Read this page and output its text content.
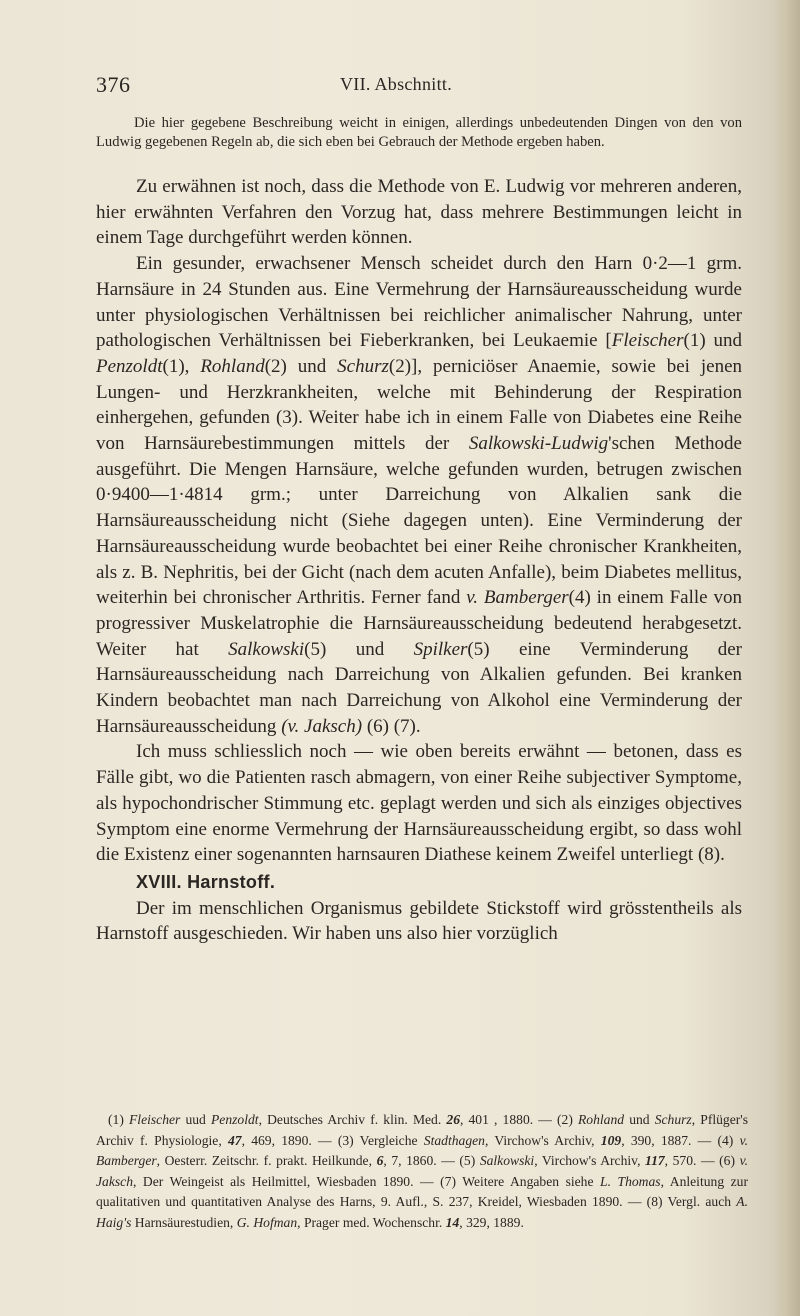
376	VII. Abschnitt.

Die hier gegebene Beschreibung weicht in einigen, allerdings unbedeutenden Dingen von den von Ludwig gegebenen Regeln ab, die sich eben bei Gebrauch der Methode ergeben haben.

Zu erwähnen ist noch, dass die Methode von E. Ludwig vor mehreren anderen, hier erwähnten Verfahren den Vorzug hat, dass mehrere Bestimmungen leicht in einem Tage durchgeführt werden können.

Ein gesunder, erwachsener Mensch scheidet durch den Harn 0·2—1 grm. Harnsäure in 24 Stunden aus. Eine Vermehrung der Harnsäureausscheidung wurde unter physiologischen Verhältnissen bei reichlicher animalischer Nahrung, unter pathologischen Verhältnissen bei Fieberkranken, bei Leukaemie [Fleischer(1) und Penzoldt(1), Rohland(2) und Schurz(2)], perniciöser Anaemie, sowie bei jenen Lungen- und Herzkrankheiten, welche mit Behinderung der Respiration einhergehen, gefunden (3). Weiter habe ich in einem Falle von Diabetes eine Reihe von Harnsäurebestimmungen mittels der Salkowski-Ludwig'schen Methode ausgeführt. Die Mengen Harnsäure, welche gefunden wurden, betrugen zwischen 0·9400—1·4814 grm.; unter Darreichung von Alkalien sank die Harnsäureausscheidung nicht (Siehe dagegen unten). Eine Verminderung der Harnsäureausscheidung wurde beobachtet bei einer Reihe chronischer Krankheiten, als z. B. Nephritis, bei der Gicht (nach dem acuten Anfalle), beim Diabetes mellitus, weiterhin bei chronischer Arthritis. Ferner fand v. Bamberger(4) in einem Falle von progressiver Muskelatrophie die Harnsäureausscheidung bedeutend herabgesetzt. Weiter hat Salkowski(5) und Spilker(5) eine Verminderung der Harnsäureausscheidung nach Darreichung von Alkalien gefunden. Bei kranken Kindern beobachtet man nach Darreichung von Alkohol eine Verminderung der Harnsäureausscheidung (v. Jaksch) (6) (7).

Ich muss schliesslich noch — wie oben bereits erwähnt — betonen, dass es Fälle gibt, wo die Patienten rasch abmagern, von einer Reihe subjectiver Symptome, als hypochondrischer Stimmung etc. geplagt werden und sich als einziges objectives Symptom eine enorme Vermehrung der Harnsäureausscheidung ergibt, so dass wohl die Existenz einer sogenannten harnsauren Diathese keinem Zweifel unterliegt (8).

XVIII. Harnstoff.

Der im menschlichen Organismus gebildete Stickstoff wird grösstentheils als Harnstoff ausgeschieden. Wir haben uns also hier vorzüglich

(1) Fleischer uud Penzoldt, Deutsches Archiv f. klin. Med. 26, 401 , 1880. — (2) Rohland und Schurz, Pflüger's Archiv f. Physiologie, 47, 469, 1890. — (3) Vergleiche Stadthagen, Virchow's Archiv, 109, 390, 1887. — (4) v. Bamberger, Oesterr. Zeitschr. f. prakt. Heilkunde, 6, 7, 1860. — (5) Salkowski, Virchow's Archiv, 117, 570. — (6) v. Jaksch, Der Weingeist als Heilmittel, Wiesbaden 1890. — (7) Weitere Angaben siehe L. Thomas, Anleitung zur qualitativen und quantitativen Analyse des Harns, 9. Aufl., S. 237, Kreidel, Wiesbaden 1890. — (8) Vergl. auch A. Haig's Harnsäurestudien, G. Hofman, Prager med. Wochenschr. 14, 329, 1889.
